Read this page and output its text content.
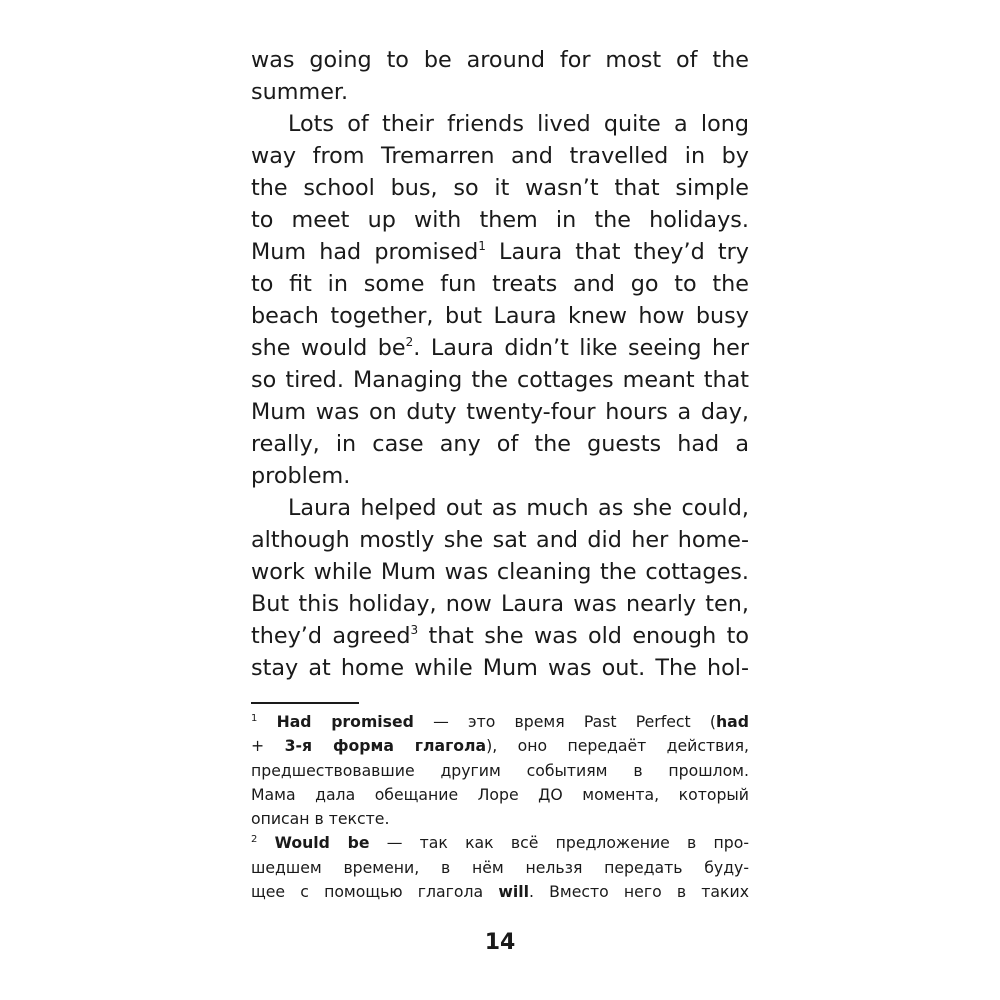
was going to be around for most of the
summer.
Lots of their friends lived quite a long
way from Tremarren and travelled in by
the school bus, so it wasn’t that simple
to meet up with them in the holidays.
Mum had promised$^1$ Laura that they’d try
to fit in some fun treats and go to the
beach together, but Laura knew how busy
she would be$^2$. Laura didn’t like seeing her
so tired. Managing the cottages meant that
Mum was on duty twenty-four hours a day,
really, in case any of the guests had a
problem.
Laura helped out as much as she could,
although mostly she sat and did her home-
work while Mum was cleaning the cottages.
But this holiday, now Laura was nearly ten,
they’d agreed$^3$ that she was old enough to
stay at home while Mum was out. The hol-
$^1$ Had promised — это время Past Perfect (had
+ 3-я форма глагола), оно передаёт действия,
предшествовавшие другим событиям в прошлом.
Мама дала обещание Лоре ДО момента, который
описан в тексте.
$^2$ Would be — так как всё предложение в про-
шедшем времени, в нём нельзя передать буду-
щее с помощью глагола will. Вместо него в таких
14
